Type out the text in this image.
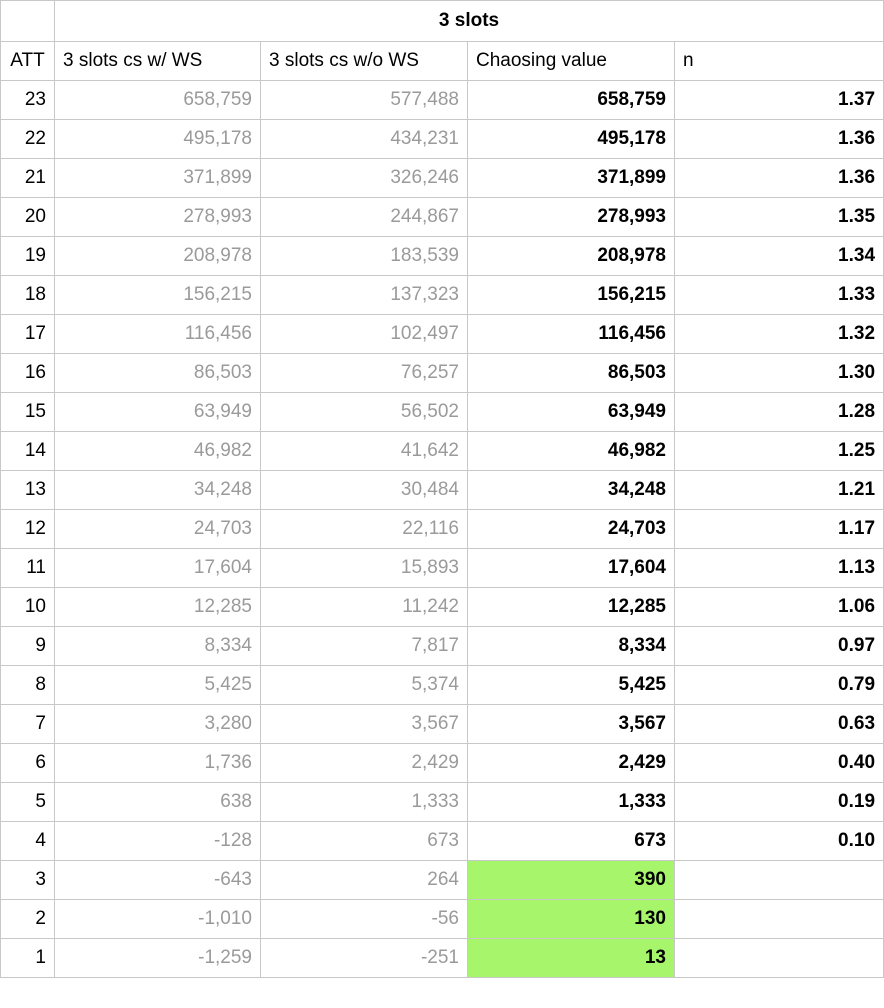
	3 slots			
ATT	3 slots cs w/ WS	3 slots cs w/o WS	Chaosing value	n
23	658,759	577,488	658,759	1.37
22	495,178	434,231	495,178	1.36
21	371,899	326,246	371,899	1.36
20	278,993	244,867	278,993	1.35
19	208,978	183,539	208,978	1.34
18	156,215	137,323	156,215	1.33
17	116,456	102,497	116,456	1.32
16	86,503	76,257	86,503	1.30
15	63,949	56,502	63,949	1.28
14	46,982	41,642	46,982	1.25
13	34,248	30,484	34,248	1.21
12	24,703	22,116	24,703	1.17
11	17,604	15,893	17,604	1.13
10	12,285	11,242	12,285	1.06
9	8,334	7,817	8,334	0.97
8	5,425	5,374	5,425	0.79
7	3,280	3,567	3,567	0.63
6	1,736	2,429	2,429	0.40
5	638	1,333	1,333	0.19
4	-128	673	673	0.10
3	-643	264	390	
2	-1,010	-56	130	
1	-1,259	-251	13	
